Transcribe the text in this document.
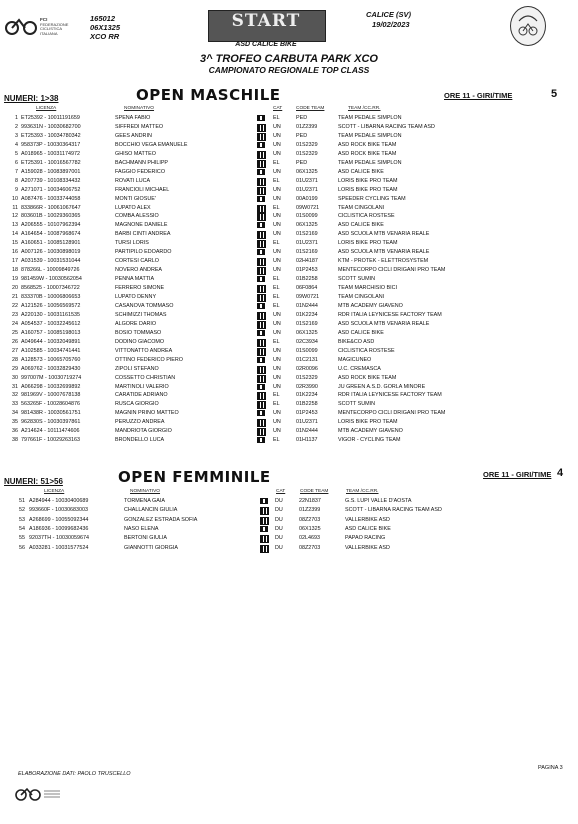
FCI
FEDERAZIONE
CICLISTICA
ITALIANA
165012
06X1325
XCO RR
START
ASD CALICE BIKE
CALICE (SV)
19/02/2023
3^ TROFEO CARBUTA PARK XCO
CAMPIONATO REGIONALE TOP CLASS
NUMERI: 1>38	OPEN MASCHILE	ORE 11 - GIRI/TIME	5
LICENZA	NOMINATIVO	CAT	CODE TEAM	TEAM /CC.RR.
1 ET25392 - 10011191659	SPENA FABIO	EL	PED	TEAM PEDALE SIMPLON
2 993631N - 10030682700	SIFFREDI MATTEO	UN	01Z2399	SCOTT - LIBARNA RACING TEAM ASD
3 ET25393 - 10034780342	GEES ANDRIN	UN	PED	TEAM PEDALE SIMPLON
4 958373P - 10030364317	BOCCHIO VEGA EMANUELE	UN	01S2329	ASD ROCK BIKE TEAM
5 A018965 - 10031174972	GHISO MATTEO	UN	01S2329	ASD ROCK BIKE TEAM
6 ET25391 - 10016567782	BACHMANN PHILIPP	EL	PED	TEAM PEDALE SIMPLON
7 A159028 - 10083897001	FAGGIO FEDERICO	UN	06X1325	ASD CALICE BIKE
8 A207739 - 10108334432	ROVATI LUCA	EL	01U2371	LORIS BIKE PRO TEAM
9 A271071 - 10034606752	FRANCIOLI MICHAEL	UN	01U2371	LORIS BIKE PRO TEAM
10 A087476 - 10033744058	MONTI GIOSUE'	UN	00A0199	SPEEDER CYCLING TEAM
11 833866R - 10061067647	LUPATO ALEX	EL	09W0721	TEAM CINGOLANI
12 803601B - 10029360365	COMBA ALESSIO	UN	01S0099	CICLISTICA ROSTESE
13 A206555 - 10107962394	MAGNONE DANIELE	UN	06X1325	ASD CALICE BIKE
14 A164654 - 10087968674	BARBI CINTI ANDREA	UN	01S2169	ASD SCUOLA MTB VENARIA REALE
15 A160651 - 10085128901	TURSI LORIS	EL	01U2371	LORIS BIKE PRO TEAM
16 A007126 - 10030898019	PARTIPILO EDOARDO	UN	01S2169	ASD SCUOLA MTB VENARIA REALE
17 A031539 - 10031531044	CORTESI CARLO	UN	02H4187	KTM - PROTEK - ELETTROSYSTEM
18 878266L - 10009849726	NOVERO ANDREA	UN	01P2453	MENTECORPO CICLI DRIGANI PRO TEAM
19 981459W - 10030562054	PENNA MATTIA	EL	01B2258	SCOTT SUMIN
20 8568525 - 10007346722	FERRERO SIMONE	EL	06F0864	TEAM MARCHISIO BICI
21 833370B - 10006806653	LUPATO DENNY	EL	09W0721	TEAM CINGOLANI
22 A121526 - 10056569572	CASANOVA TOMMASO	EL	01N2444	MTB ACADEMY GIAVENO
23 A220130 - 10031161535	SCHIMIZZI THOMAS	UN	01K2234	RDR ITALIA LEYNICESE FACTORY TEAM
24 A054537 - 10032245612	ALGORE DARIO	UN	01S2169	ASD SCUOLA MTB VENARIA REALE
25 A160757 - 10085198013	BOSIO TOMMASO	UN	06X1325	ASD CALICE BIKE
26 A049644 - 10032049891	DODINO GIACOMO	EL	02C3934	BIKE&CO ASD
27 A102585 - 10034741441	VITTONATTO ANDREA	UN	01S0099	CICLISTICA ROSTESE
28 A128573 - 10065705760	OTTINO FEDERICO PIERO	UN	01C2131	MAGICUNEO
29 A069762 - 10032829430	ZIPOLI STEFANO	UN	02R0096	U.C. CREMASCA
30 997007M - 10030719274	COSSETTO CHRISTIAN	UN	01S2329	ASD ROCK BIKE TEAM
31 A066298 - 10032699892	MARTINOLI VALERIO	UN	02R3990	JU GREEN A.S.D. GORLA MINORE
32 981969V - 10007678138	CARATIDE ADRIANO	EL	01K2234	RDR ITALIA LEYNICESE FACTORY TEAM
33 563265F - 10028604876	RUSCA GIORGIO	EL	01B2258	SCOTT SUMIN
34 981438R - 10030561751	MAGNIN PRINO MATTEO	UN	01P2453	MENTECORPO CICLI DRIGANI PRO TEAM
35 962830S - 10030397861	PERUZZO ANDREA	UN	01U2371	LORIS BIKE PRO TEAM
36 A214624 - 10111474606	MANDRIOTA GIORGIO	UN	01N2444	MTB ACADEMY GIAVENO
38 797661F - 10029263163	BRONDELLO LUCA	EL	01H1137	VIGOR - CYCLING TEAM
NUMERI: 51>56	OPEN FEMMINILE	ORE 11 - GIRI/TIME 4
LICENZA	NOMINATIVO	CAT	CODE TEAM	TEAM /CC.RR.
51 A284944 - 10030400689	TORMENA GAIA	DU	22N1837	G.S. LUPI VALLE D'AOSTA
52 993660F - 10030683003	CHALLANCIN GIULIA	DU	01Z2399	SCOTT - LIBARNA RACING TEAM ASD
53 A268699 - 10055092344	GONZALEZ ESTRADA SOFIA	DU	08Z2703	VALLERBIKE ASD
54 A186936 - 10099682436	NASO ELENA	DU	06X1325	ASD CALICE BIKE
55 92037TH - 10030059674	BERTONI GIULIA	DU	02L4693	PAPAO RACING
56 A033281 - 10031577524	GIANNOTTI GIORGIA	DU	08Z2703	VALLERBIKE ASD
ELABORAZIONE DATI: PAOLO TRUSCELLO
PAGINA 3
